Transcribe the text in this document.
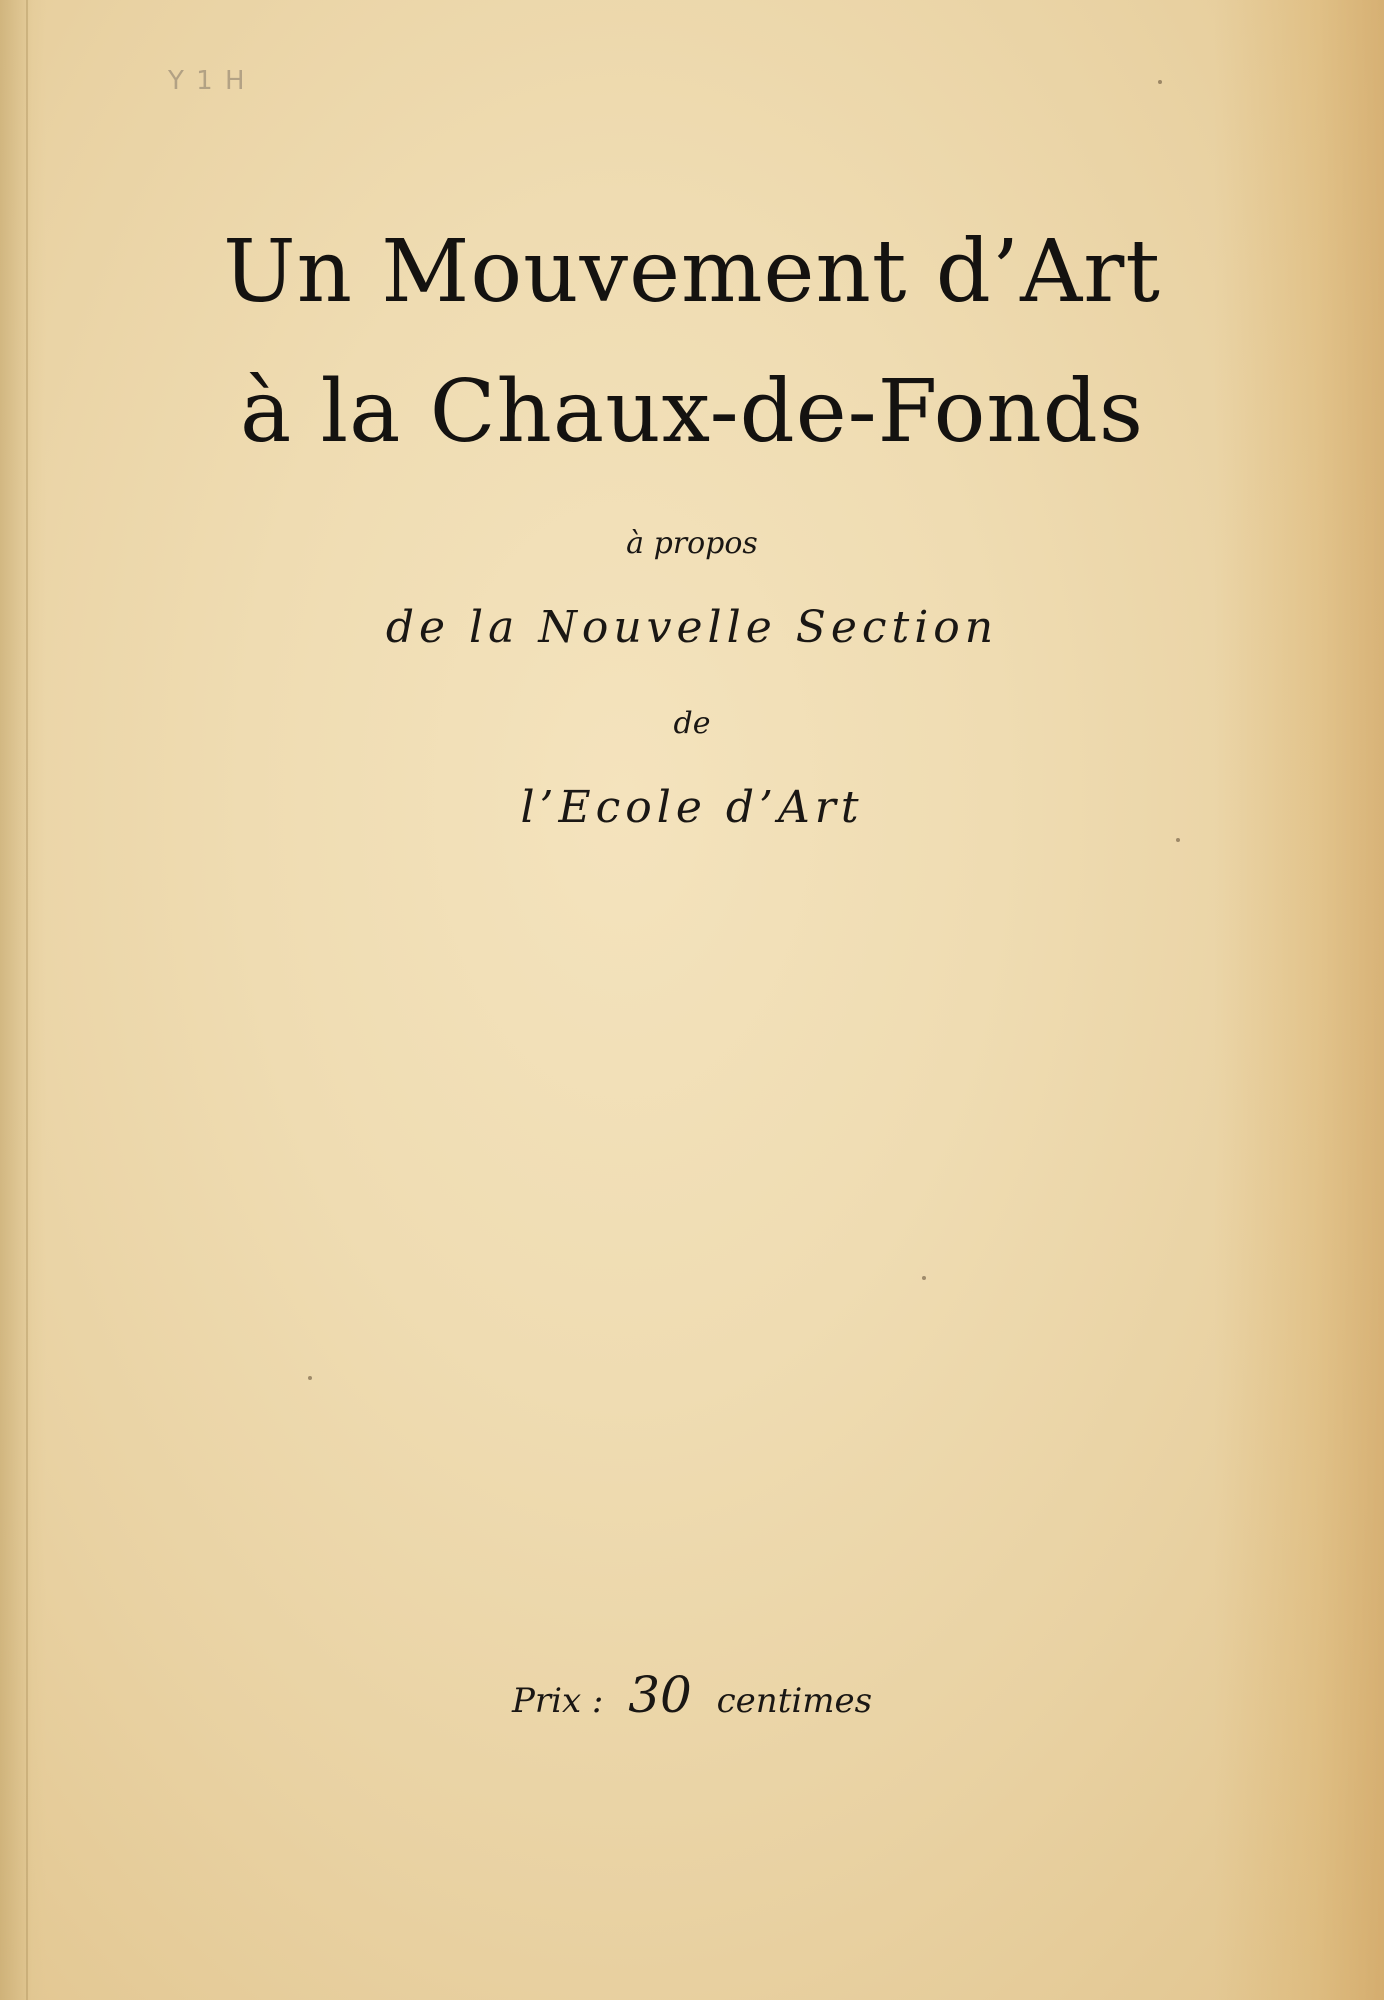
Y 1 H
Un Mouvement d’Art
à la Chaux-de-Fonds

à propos

de la Nouvelle Section

de

l’Ecole d’Art

Prix : 30 centimes
